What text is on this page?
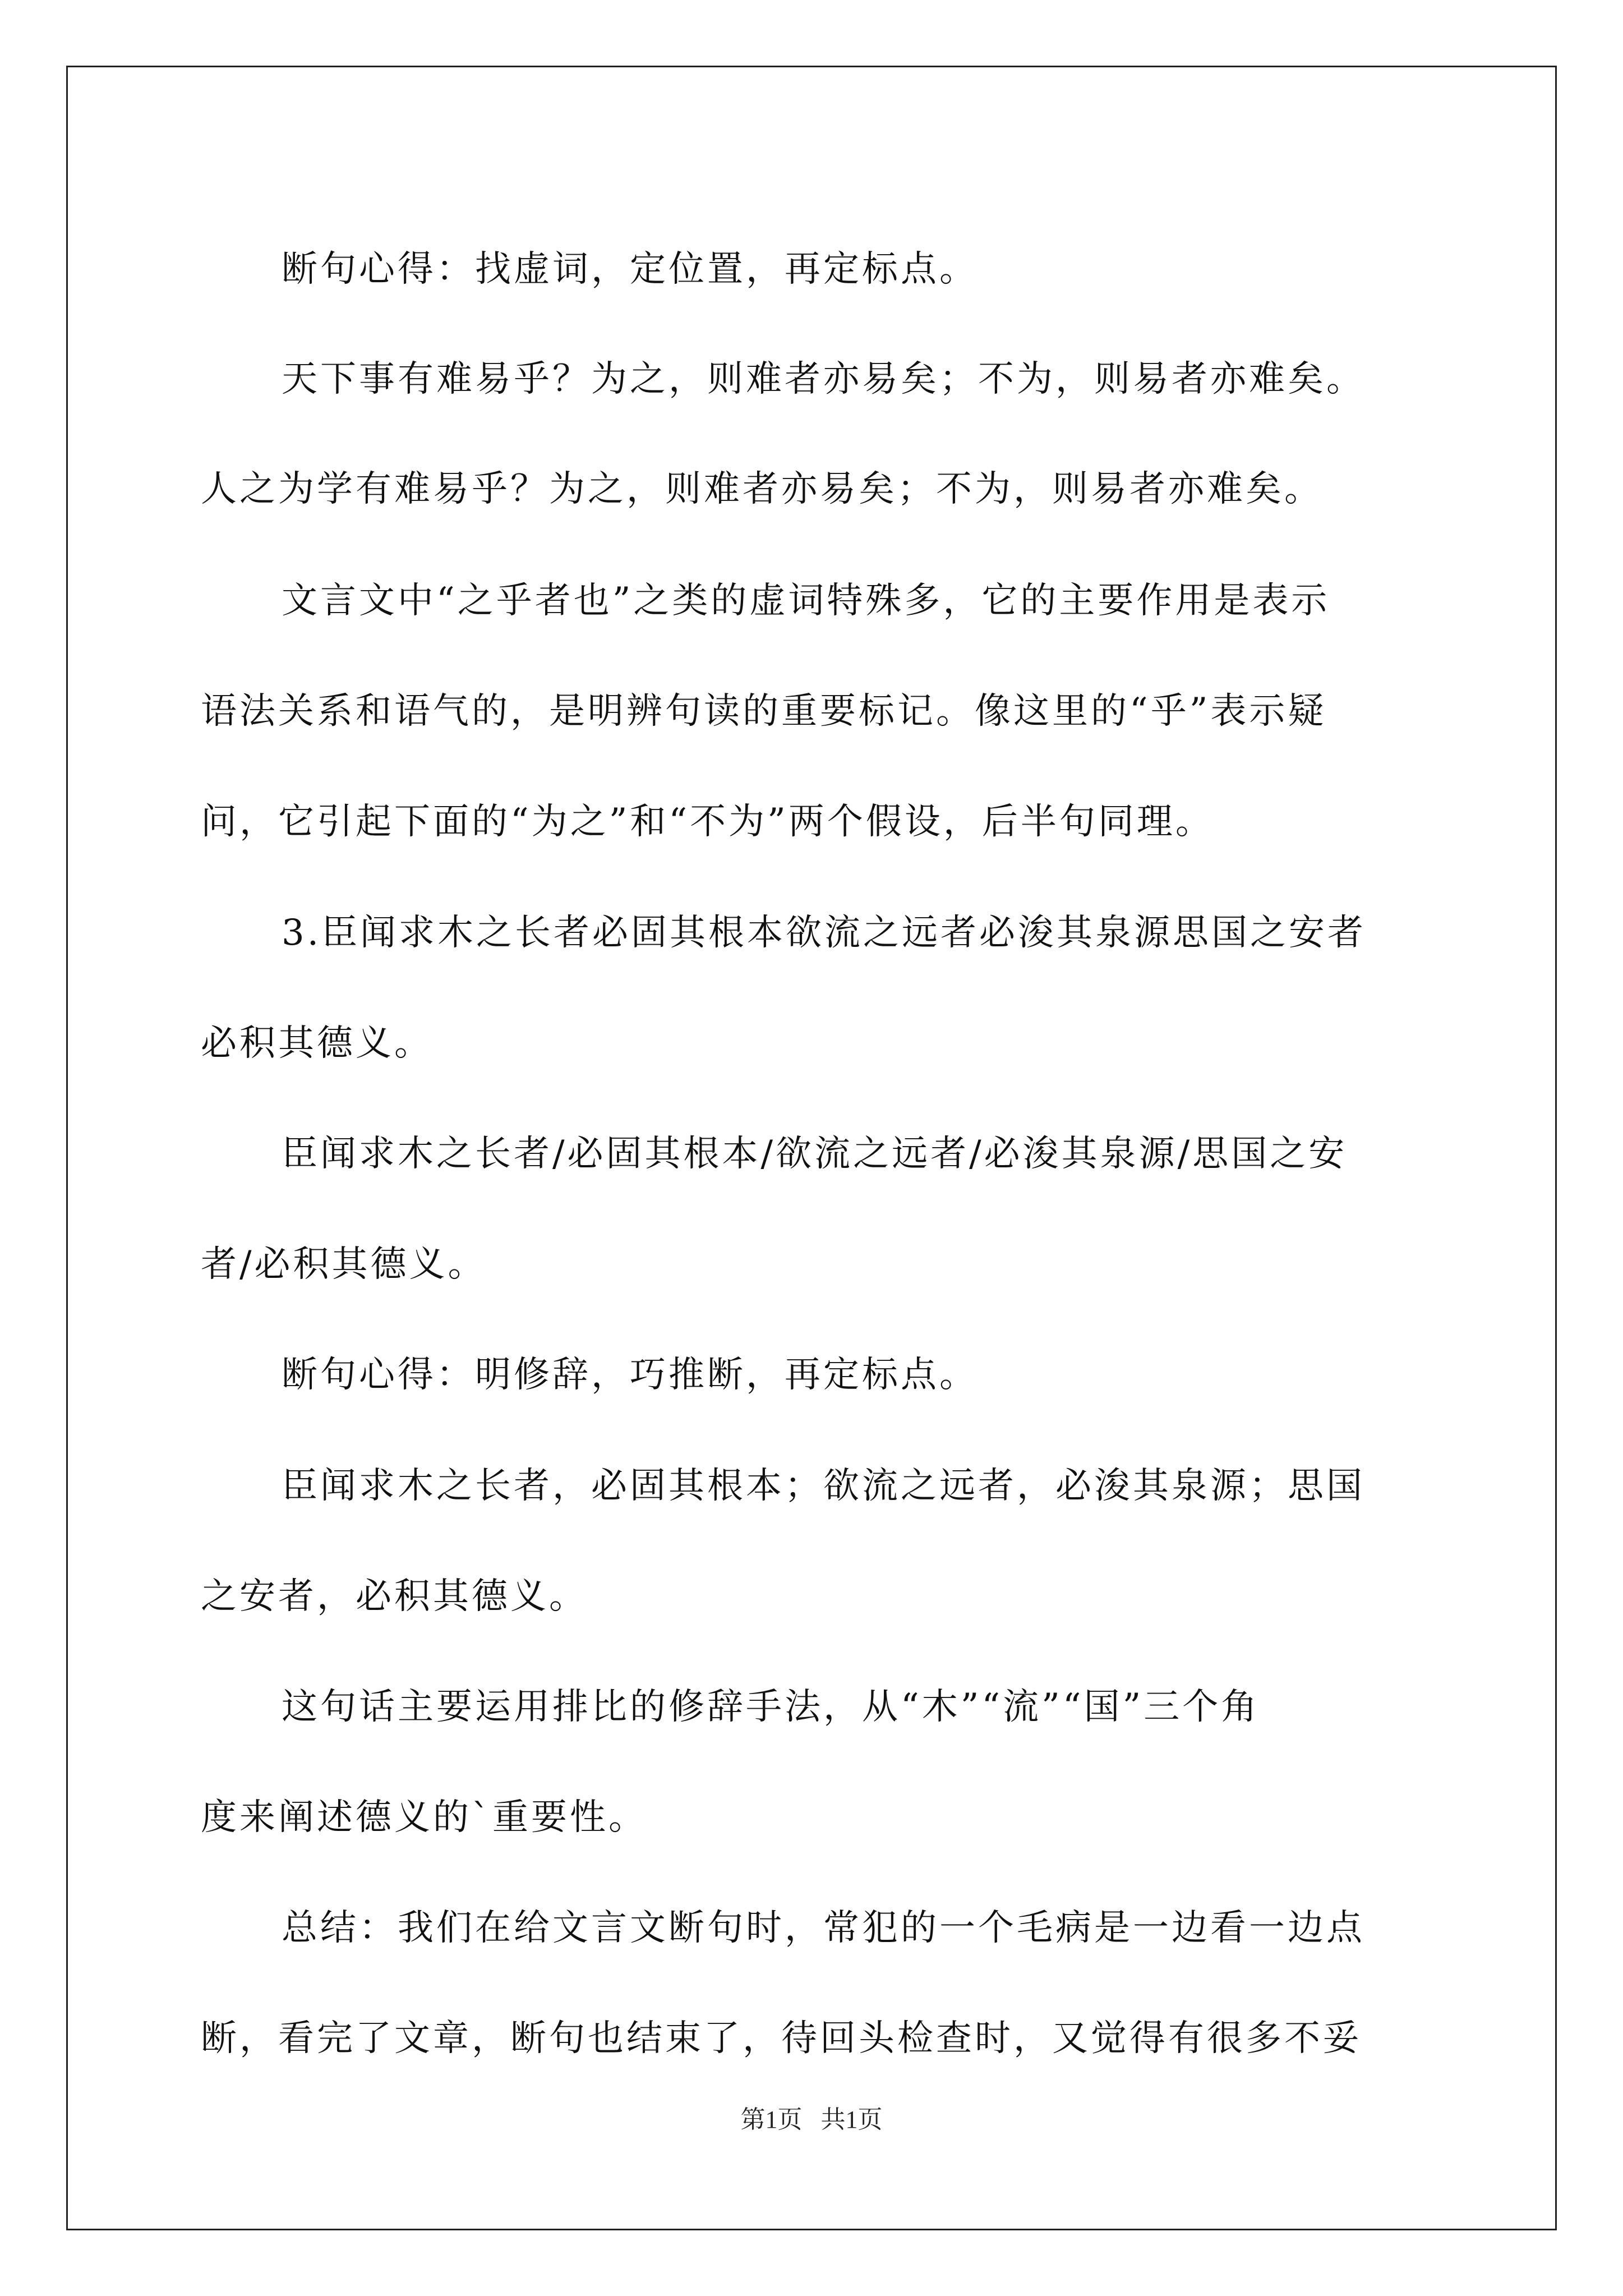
断句心得：找虚词，定位置，再定标点。

天下事有难易乎？为之，则难者亦易矣；不为，则易者亦难矣。

人之为学有难易乎？为之，则难者亦易矣；不为，则易者亦难矣。

文言文中“之乎者也”之类的虚词特殊多，它的主要作用是表示

语法关系和语气的，是明辨句读的重要标记。像这里的“乎”表示疑

问，它引起下面的“为之”和“不为”两个假设，后半句同理。

3.臣闻求木之长者必固其根本欲流之远者必浚其泉源思国之安者

必积其德义。

臣闻求木之长者/必固其根本/欲流之远者/必浚其泉源/思国之安

者/必积其德义。

断句心得：明修辞，巧推断，再定标点。

臣闻求木之长者，必固其根本；欲流之远者，必浚其泉源；思国

之安者，必积其德义。

这句话主要运用排比的修辞手法，从“木”“流”“国”三个角

度来阐述德义的`重要性。

总结：我们在给文言文断句时，常犯的一个毛病是一边看一边点

断，看完了文章，断句也结束了，待回头检查时，又觉得有很多不妥

第1页   共1页
